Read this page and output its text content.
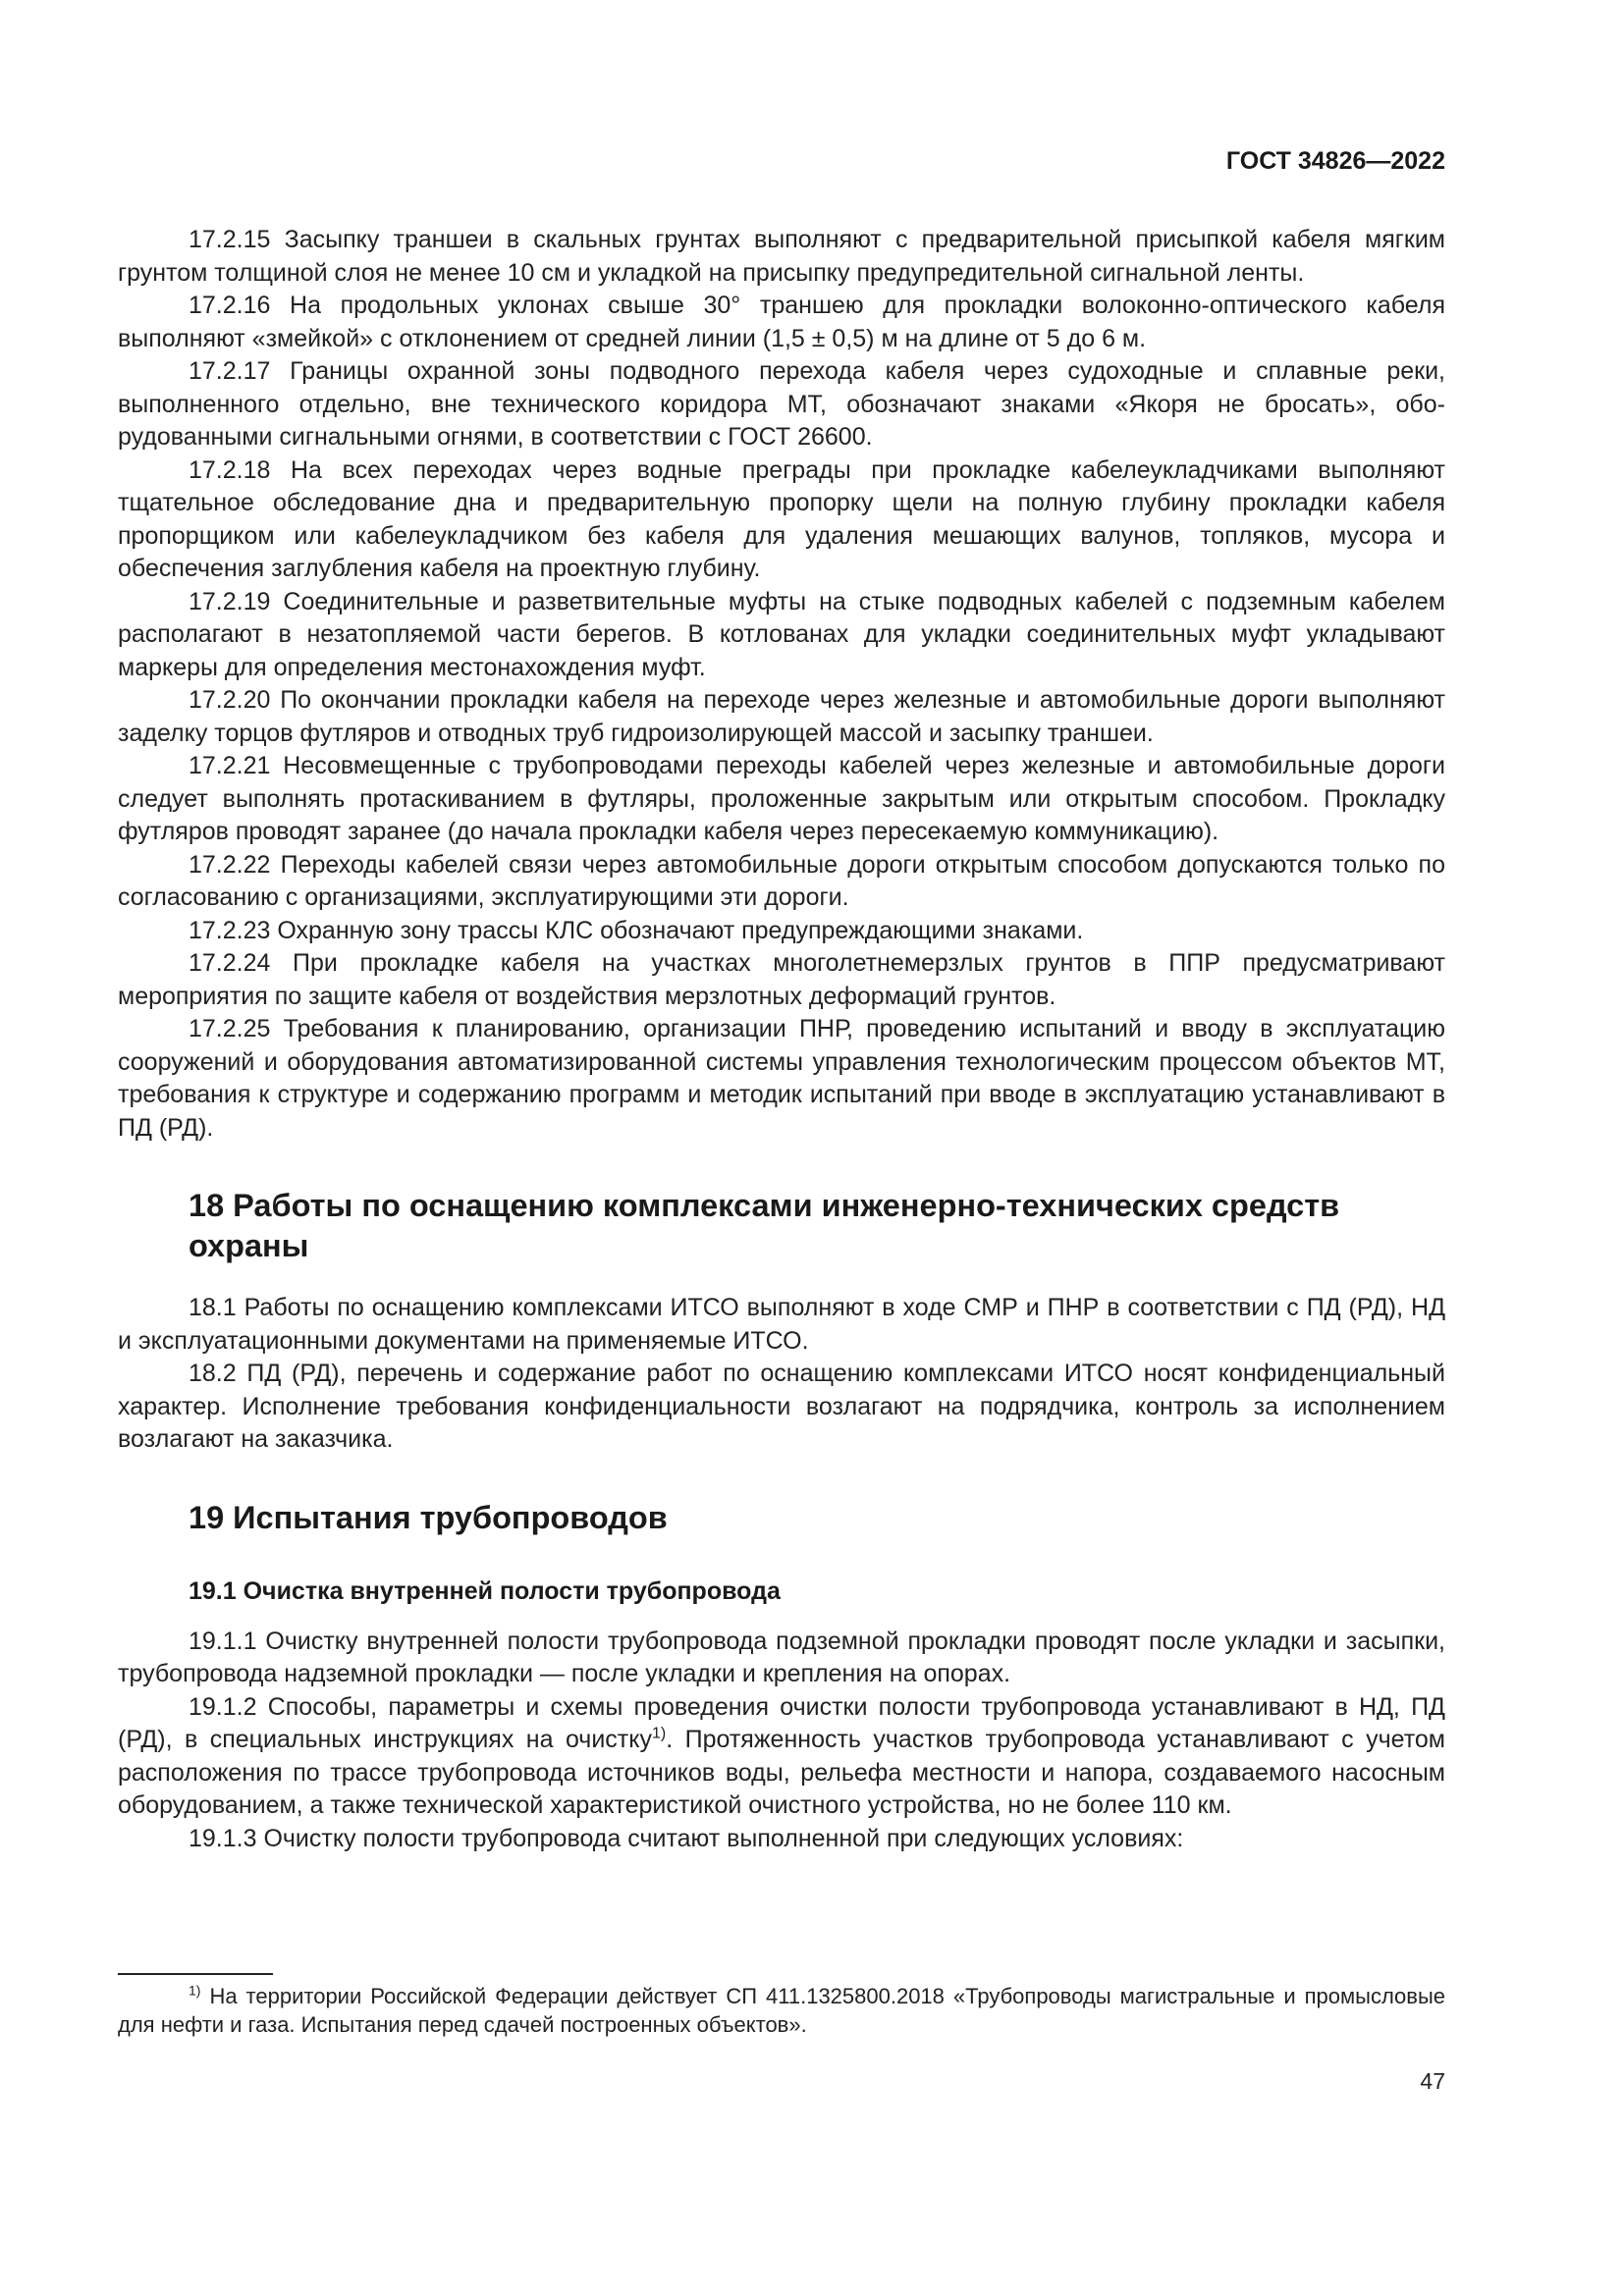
ГОСТ 34826—2022

17.2.15 Засыпку траншеи в скальных грунтах выполняют с предварительной присыпкой кабеля мягким грунтом толщиной слоя не менее 10 см и укладкой на присыпку предупредительной сигнальной ленты.

17.2.16 На продольных уклонах свыше 30° траншею для прокладки волоконно-оптического кабеля выполняют «змейкой» с отклонением от средней линии (1,5 ± 0,5) м на длине от 5 до 6 м.

17.2.17 Границы охранной зоны подводного перехода кабеля через судоходные и сплавные реки, выполненного отдельно, вне технического коридора МТ, обозначают знаками «Якоря не бросать», оборудованными сигнальными огнями, в соответствии с ГОСТ 26600.

17.2.18 На всех переходах через водные преграды при прокладке кабелеукладчиками выполняют тщательное обследование дна и предварительную пропорку щели на полную глубину прокладки кабеля пропорщиком или кабелеукладчиком без кабеля для удаления мешающих валунов, топляков, мусора и обеспечения заглубления кабеля на проектную глубину.

17.2.19 Соединительные и разветвительные муфты на стыке подводных кабелей с подземным кабелем располагают в незатопляемой части берегов. В котлованах для укладки соединительных муфт укладывают маркеры для определения местонахождения муфт.

17.2.20 По окончании прокладки кабеля на переходе через железные и автомобильные дороги выполняют заделку торцов футляров и отводных труб гидроизолирующей массой и засыпку траншеи.

17.2.21 Несовмещенные с трубопроводами переходы кабелей через железные и автомобильные дороги следует выполнять протаскиванием в футляры, проложенные закрытым или открытым способом. Прокладку футляров проводят заранее (до начала прокладки кабеля через пересекаемую коммуникацию).

17.2.22 Переходы кабелей связи через автомобильные дороги открытым способом допускаются только по согласованию с организациями, эксплуатирующими эти дороги.

17.2.23 Охранную зону трассы КЛС обозначают предупреждающими знаками.

17.2.24 При прокладке кабеля на участках многолетнемерзлых грунтов в ППР предусматривают мероприятия по защите кабеля от воздействия мерзлотных деформаций грунтов.

17.2.25 Требования к планированию, организации ПНР, проведению испытаний и вводу в эксплуатацию сооружений и оборудования автоматизированной системы управления технологическим процессом объектов МТ, требования к структуре и содержанию программ и методик испытаний при вводе в эксплуатацию устанавливают в ПД (РД).

18 Работы по оснащению комплексами инженерно-технических средств охраны

18.1 Работы по оснащению комплексами ИТСО выполняют в ходе СМР и ПНР в соответствии с ПД (РД), НД и эксплуатационными документами на применяемые ИТСО.

18.2 ПД (РД), перечень и содержание работ по оснащению комплексами ИТСО носят конфиденциальный характер. Исполнение требования конфиденциальности возлагают на подрядчика, контроль за исполнением возлагают на заказчика.

19 Испытания трубопроводов
19.1 Очистка внутренней полости трубопровода

19.1.1 Очистку внутренней полости трубопровода подземной прокладки проводят после укладки и засыпки, трубопровода надземной прокладки — после укладки и крепления на опорах.

19.1.2 Способы, параметры и схемы проведения очистки полости трубопровода устанавливают в НД, ПД (РД), в специальных инструкциях на очистку$^{1)}$. Протяженность участков трубопровода устанавливают с учетом расположения по трассе трубопровода источников воды, рельефа местности и напора, создаваемого насосным оборудованием, а также технической характеристикой очистного устройства, но не более 110 км.

19.1.3 Очистку полости трубопровода считают выполненной при следующих условиях:

$^{1)}$ На территории Российской Федерации действует СП 411.1325800.2018 «Трубопроводы магистральные и промысловые для нефти и газа. Испытания перед сдачей построенных объектов».

47
